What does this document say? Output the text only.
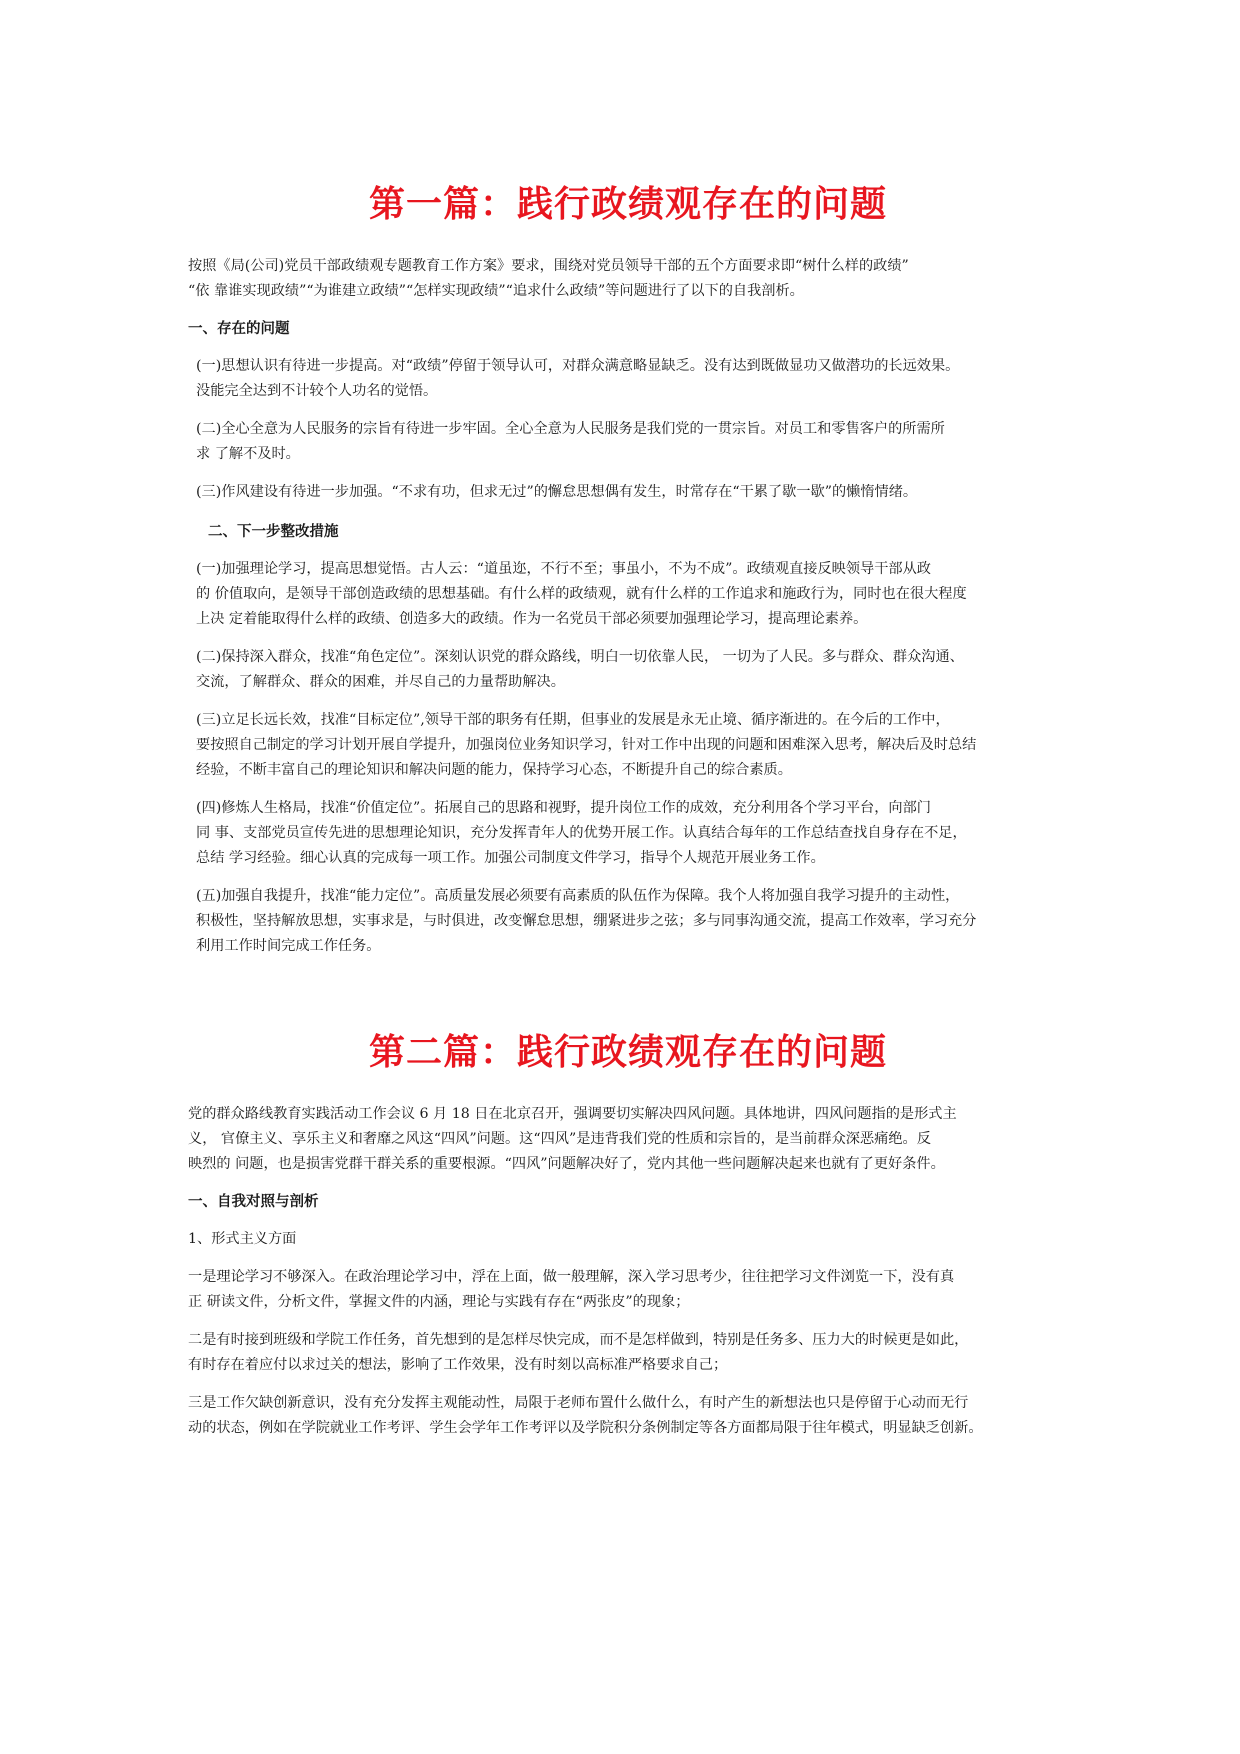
第一篇：践行政绩观存在的问题

按照《局(公司)党员干部政绩观专题教育工作方案》要求，围绕对党员领导干部的五个方面要求即“树什么样的政绩”
“依 靠谁实现政绩”“为谁建立政绩”“怎样实现政绩”“追求什么政绩”等问题进行了以下的自我剖析。

一、存在的问题

(一)思想认识有待进一步提高。对“政绩”停留于领导认可，对群众满意略显缺乏。没有达到既做显功又做潜功的长远效果。
没能完全达到不计较个人功名的觉悟。

(二)全心全意为人民服务的宗旨有待进一步牢固。全心全意为人民服务是我们党的一贯宗旨。对员工和零售客户的所需所
求 了解不及时。

(三)作风建设有待进一步加强。“不求有功，但求无过”的懈怠思想偶有发生，时常存在“干累了歇一歇”的懒惰情绪。

二、下一步整改措施

(一)加强理论学习，提高思想觉悟。古人云：“道虽迩，不行不至；事虽小，不为不成”。政绩观直接反映领导干部从政
的 价值取向，是领导干部创造政绩的思想基础。有什么样的政绩观，就有什么样的工作追求和施政行为，同时也在很大程度
上决 定着能取得什么样的政绩、创造多大的政绩。作为一名党员干部必须要加强理论学习，提高理论素养。

(二)保持深入群众，找准“角色定位”。深刻认识党的群众路线，明白一切依靠人民， 一切为了人民。多与群众、群众沟通、
交流，了解群众、群众的困难，并尽自己的力量帮助解决。

(三)立足长远长效，找准“目标定位”,领导干部的职务有任期，但事业的发展是永无止境、循序渐进的。在今后的工作中，
要按照自己制定的学习计划开展自学提升，加强岗位业务知识学习，针对工作中出现的问题和困难深入思考，解决后及时总结
经验，不断丰富自己的理论知识和解决问题的能力，保持学习心态，不断提升自己的综合素质。

(四)修炼人生格局，找准“价值定位”。拓展自己的思路和视野，提升岗位工作的成效，充分利用各个学习平台，向部门
同 事、支部党员宣传先进的思想理论知识，充分发挥青年人的优势开展工作。认真结合每年的工作总结查找自身存在不足，
总结 学习经验。细心认真的完成每一项工作。加强公司制度文件学习，指导个人规范开展业务工作。

(五)加强自我提升，找准“能力定位”。高质量发展必须要有高素质的队伍作为保障。我个人将加强自我学习提升的主动性，
积极性，坚持解放思想，实事求是，与时俱进，改变懈怠思想，绷紧进步之弦；多与同事沟通交流，提高工作效率，学习充分
利用工作时间完成工作任务。

第二篇：践行政绩观存在的问题

党的群众路线教育实践活动工作会议 6 月 18 日在北京召开，强调要切实解决四风问题。具体地讲，四风问题指的是形式主
义， 官僚主义、享乐主义和奢靡之风这“四风”问题。这“四风”是违背我们党的性质和宗旨的，是当前群众深恶痛绝。反
映烈的 问题，也是损害党群干群关系的重要根源。“四风”问题解决好了，党内其他一些问题解决起来也就有了更好条件。

一、自我对照与剖析

1、形式主义方面

一是理论学习不够深入。在政治理论学习中，浮在上面，做一般理解，深入学习思考少，往往把学习文件浏览一下，没有真
正 研读文件，分析文件，掌握文件的内涵，理论与实践有存在“两张皮”的现象；

二是有时接到班级和学院工作任务，首先想到的是怎样尽快完成，而不是怎样做到，特别是任务多、压力大的时候更是如此，
有时存在着应付以求过关的想法，影响了工作效果，没有时刻以高标准严格要求自己；

三是工作欠缺创新意识，没有充分发挥主观能动性，局限于老师布置什么做什么，有时产生的新想法也只是停留于心动而无行
动的状态，例如在学院就业工作考评、学生会学年工作考评以及学院积分条例制定等各方面都局限于往年模式，明显缺乏创新。
